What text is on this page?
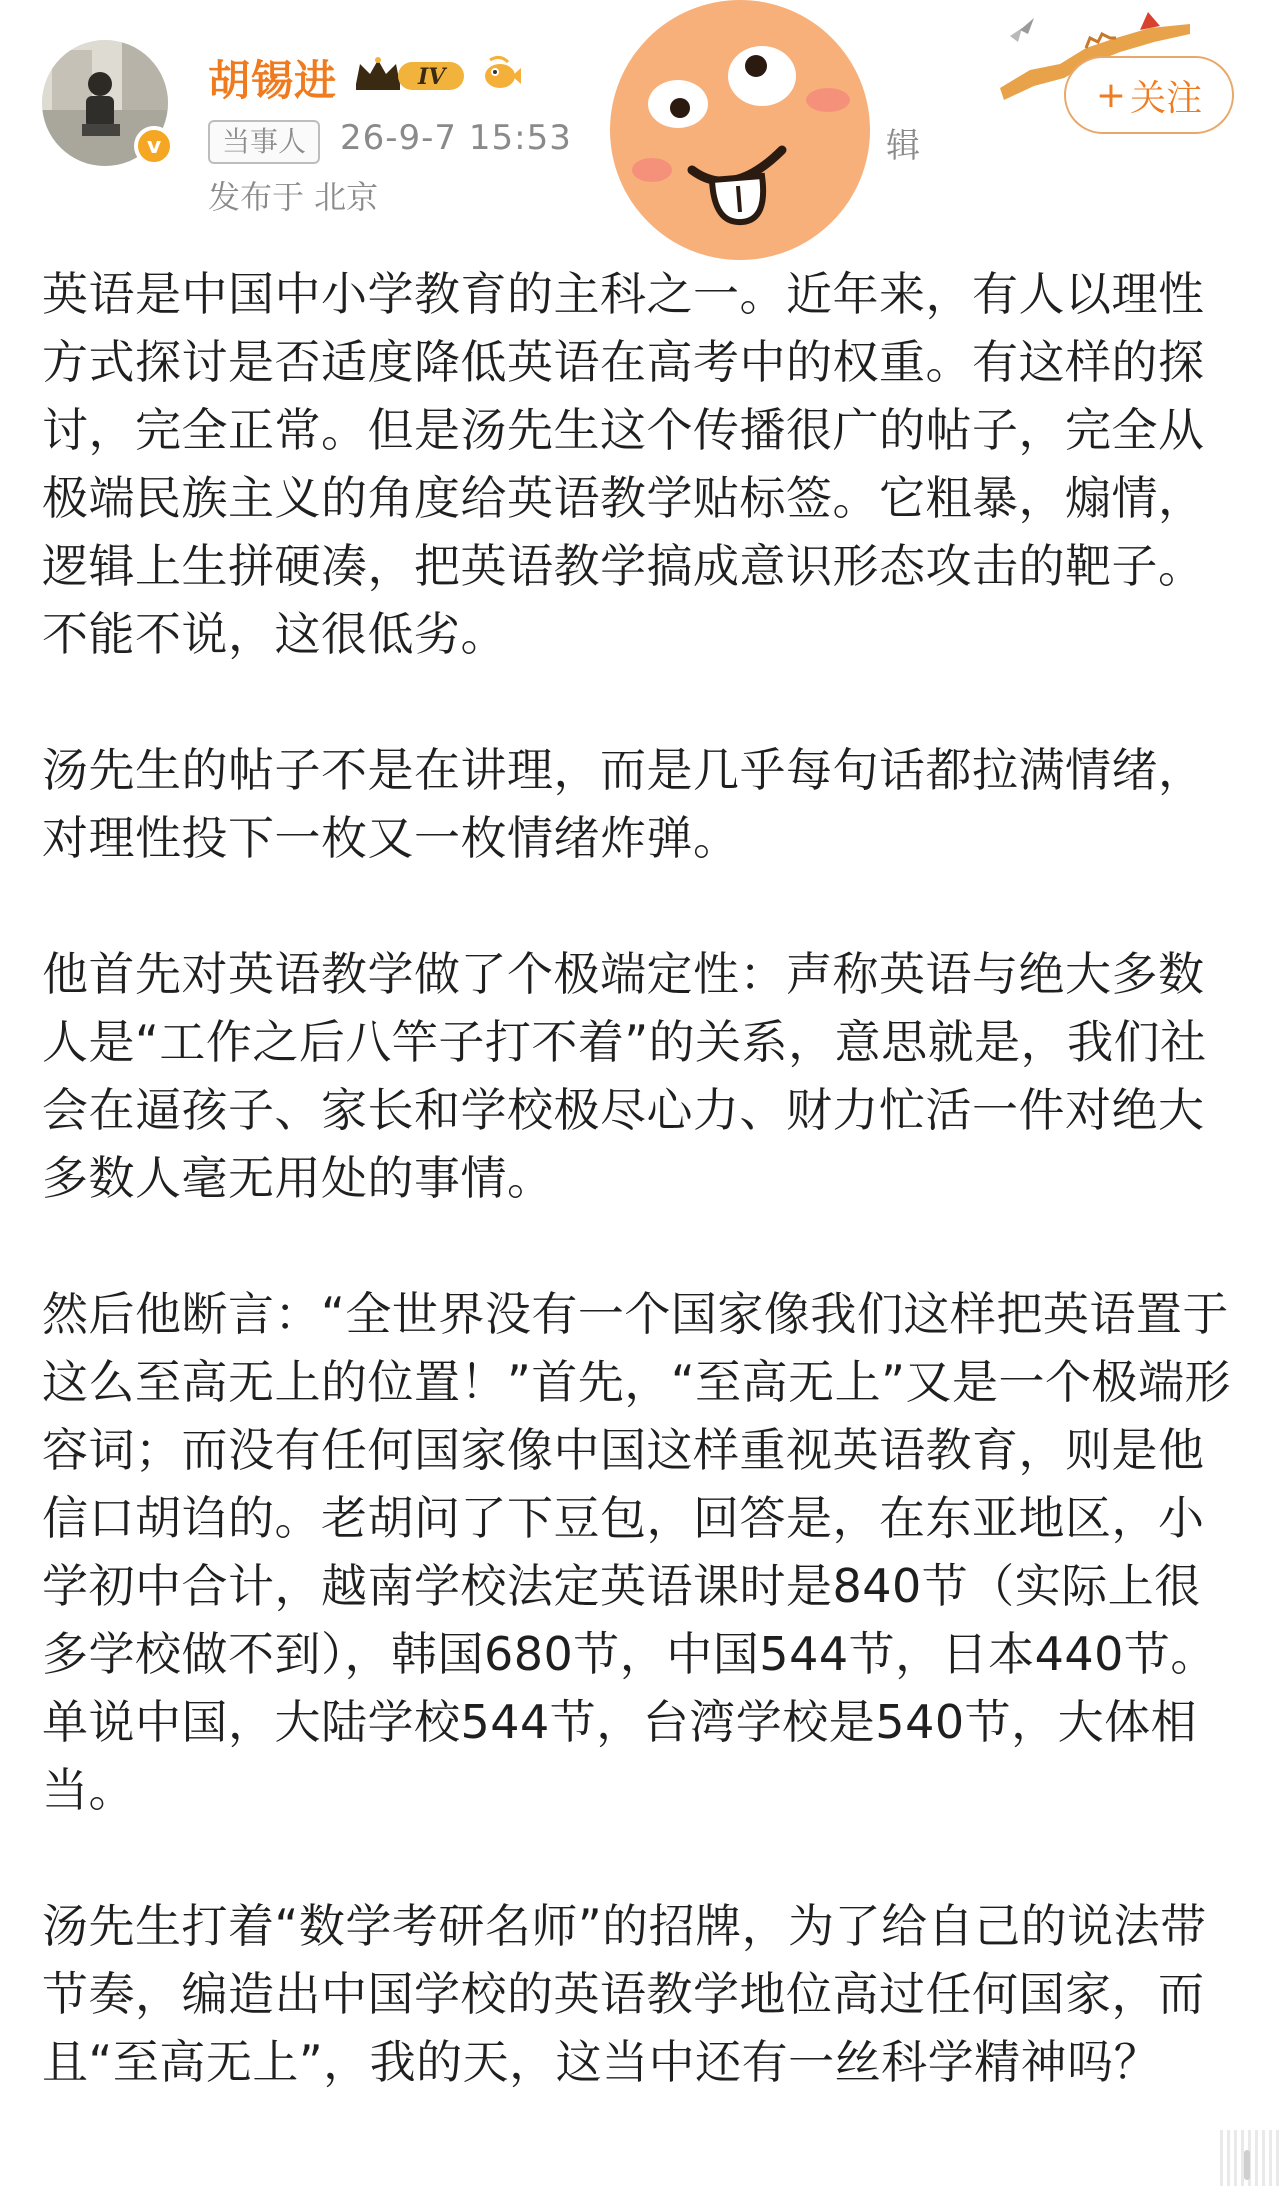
v
胡锡进	IV
当事人 26-9-7 15:53	辑
发布于 北京
+ 关注

英语是中国中小学教育的主科之一。近年来，有人以理性方式探讨是否适度降低英语在高考中的权重。有这样的探讨，完全正常。但是汤先生这个传播很广的帖子，完全从极端民族主义的角度给英语教学贴标签。它粗暴，煽情，逻辑上生拼硬凑，把英语教学搞成意识形态攻击的靶子。不能不说，这很低劣。

汤先生的帖子不是在讲理，而是几乎每句话都拉满情绪，对理性投下一枚又一枚情绪炸弹。

他首先对英语教学做了个极端定性：声称英语与绝大多数人是“工作之后八竿子打不着”的关系，意思就是，我们社会在逼孩子、家长和学校极尽心力、财力忙活一件对绝大多数人毫无用处的事情。

然后他断言：“全世界没有一个国家像我们这样把英语置于这么至高无上的位置！”首先，“至高无上”又是一个极端形容词；而没有任何国家像中国这样重视英语教育，则是他信口胡诌的。老胡问了下豆包，回答是，在东亚地区，小学初中合计，越南学校法定英语课时是840节（实际上很多学校做不到），韩国680节，中国544节，日本440节。单说中国，大陆学校544节，台湾学校是540节，大体相当。

汤先生打着“数学考研名师”的招牌，为了给自己的说法带节奏，编造出中国学校的英语教学地位高过任何国家，而且“至高无上”，我的天，这当中还有一丝科学精神吗？
